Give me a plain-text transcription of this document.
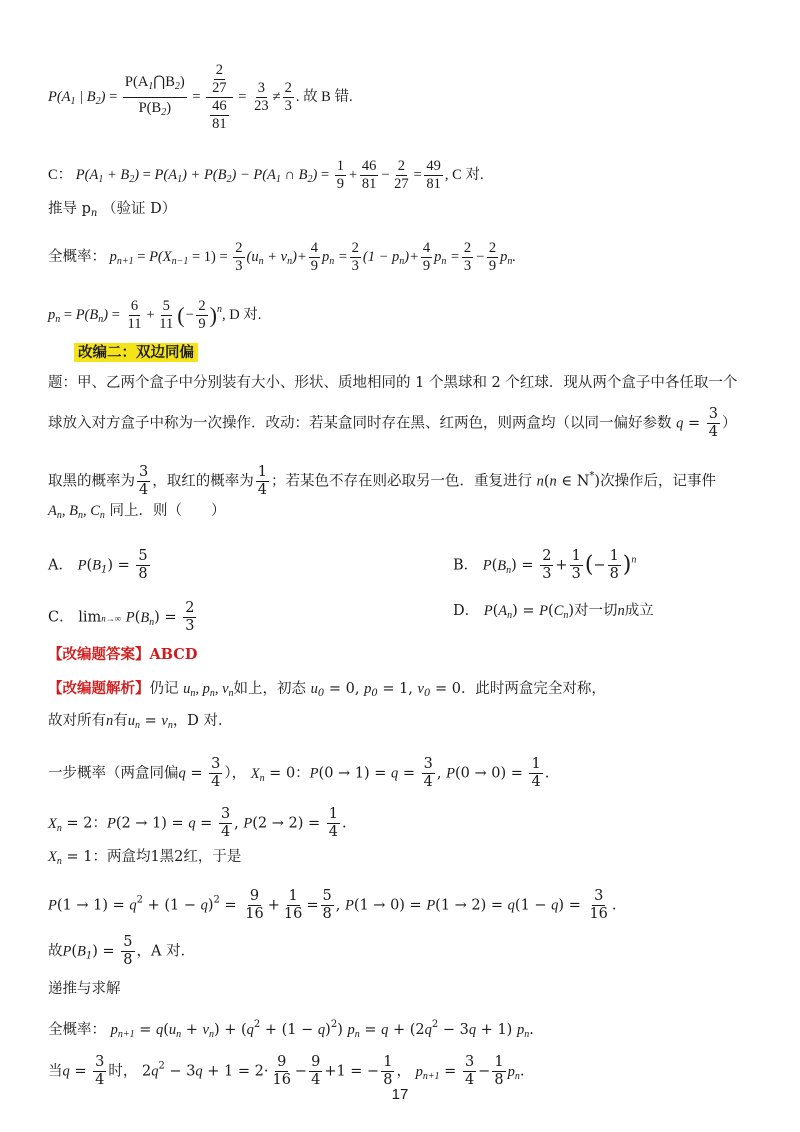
$P(A_1$ | $B_2) = \frac{P(A_1⋂B_2)}{P(B_2)} = \frac{\frac{2}{27}}{\frac{46}{81}} = \frac{3}{23} \ne \frac{2}{3}$ . 故 B 错.
C： $P(A_1 + B_2) = P(A_1) + P(B_2) - P(A_1$ ∩ $B_2) = \frac{1}{9} + \frac{46}{81} - \frac{2}{27} = \frac{49}{81}$ , C 对.
推导 $p_n$ （验证 D）
全概率： $p_{n+1} = P(X_{n-1} = 1) = \frac{2}{3} (u_n + v_n)+ \frac{4}{9} p_n = \frac{2}{3} (1 - p_n)+ \frac{4}{9} p_n = \frac{2}{3} - \frac{2}{9} p_n$.
$p_n = P(B_n) = \frac{6}{11} + \frac{5}{11}$ (− $\frac{2}{9} )^n$, D 对.
改编二：双边同偏
题：甲、乙两个盒子中分别装有大小、形状、质地相同的 1 个黑球和 2 个红球．现从两个盒子中各任取一个
球放入对方盒子中称为一次操作．改动：若某盒同时存在黑、红两色，则两盒均（以同一偏好参数 $q = \frac{3}{4}$ ）
取黑的概率为 $\frac{3}{4}$ ，取红的概率为 $\frac{1}{4}$ ；若某色不存在则必取另一色．重复进行 n(n ∈ N*)次操作后，记事件
$A_n$, $B_n$, $C_n$ 同上．则（　　）
A． $P(B_1) = \frac{5}{8}$	B． $P(B_n) = \frac{2}{3} + \frac{1}{3}$ (− $\frac{1}{8} )^n$
C． limn→∞ $P(B_n) = \frac{2}{3}$	D． $P(A_n) = P(C_n)$对一切n成立
【改编题答案】ABCD
【改编题解析】仍记 $u_n$, $p_n$, $v_n$如上，初态 $u_0 = 0$, $p_0 = 1$, $v_0 = 0$．此时两盒完全对称，
故对所有n有$u_n = v_n$，D 对．
一步概率（两盒同偏$q = \frac{3}{4}$ ）， $X_n = 0$：$P(0 \to 1) = q = \frac{3}{4}$ , $P(0 \to 0) = \frac{1}{4}$ .
$X_n = 2$：$P(2 \to 1) = q = \frac{3}{4}$ , $P(2 \to 2) = \frac{1}{4}$ .
$X_n = 1$：两盒均1黑2红，于是
$P(1 \to 1) = q^2 + (1 - q)^2 = \frac{9}{16} + \frac{1}{16} = \frac{5}{8}$ , $P(1 \to 0) = P(1 \to 2) = q(1 - q) = \frac{3}{16}$ .
故$P(B_1) = \frac{5}{8}$ ，A 对．
递推与求解
全概率： $p_{n+1} = q(u_n + v_n) + (q^2 + (1 - q)^2) p_n = q + (2q^2 - 3q + 1)$ $p_n$.
当$q = \frac{3}{4}$ 时， $2q^2 - 3q + 1 = 2\cdot \frac{9}{16} - \frac{9}{4} +1$ = − $\frac{1}{8}$ ， $p_{n+1} = \frac{3}{4} - \frac{1}{8} p_n$.
17
